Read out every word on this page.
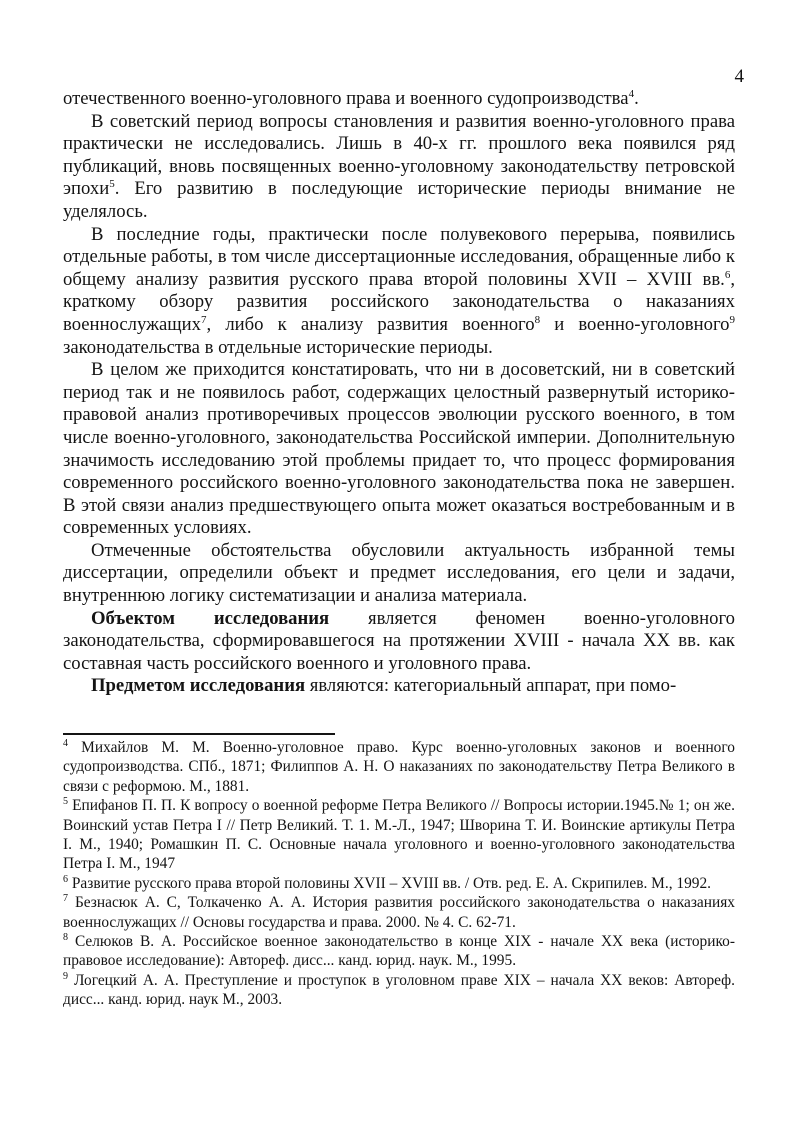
4

отечественного военно-уголовного права и военного судопроизводства$^4$.

В советский период вопросы становления и развития военно-уголовного права практически не исследовались. Лишь в 40-х гг. прошлого века появился ряд публикаций, вновь посвященных военно-уголовному законодательству петровской эпохи$^5$. Его развитию в последующие исторические периоды внимание не уделялось.

В последние годы, практически после полувекового перерыва, появились отдельные работы, в том числе диссертационные исследования, обращенные либо к общему анализу развития русского права второй половины XVII – XVIII вв.$^6$, краткому обзору развития российского законодательства о наказаниях военнослужащих$^7$, либо к анализу развития военного$^8$ и военно-уголовного$^9$ законодательства в отдельные исторические периоды.

В целом же приходится констатировать, что ни в досоветский, ни в советский период так и не появилось работ, содержащих целостный развернутый историко-правовой анализ противоречивых процессов эволюции русского военного, в том числе военно-уголовного, законодательства Российской империи. Дополнительную значимость исследованию этой проблемы придает то, что процесс формирования современного российского военно-уголовного законодательства пока не завершен. В этой связи анализ предшествующего опыта может оказаться востребованным и в современных условиях.

Отмеченные обстоятельства обусловили актуальность избранной темы диссертации, определили объект и предмет исследования, его цели и задачи, внутреннюю логику систематизации и анализа материала.

Объектом исследования является феномен военно-уголовного законодательства, сформировавшегося на протяжении XVIII - начала XX вв. как составная часть российского военного и уголовного права.

Предметом исследования являются: категориальный аппарат, при помо-

$^4$ Михайлов М. М. Военно-уголовное право. Курс военно-уголовных законов и военного судопроизводства. СПб., 1871; Филиппов А. Н. О наказаниях по законодательству Петра Великого в связи с реформою. М., 1881.
$^5$ Епифанов П. П. К вопросу о военной реформе Петра Великого // Вопросы истории.1945.№ 1; он же. Воинский устав Петра I // Петр Великий. Т. 1. М.-Л., 1947; Шворина Т. И. Воинские артикулы Петра I. М., 1940; Ромашкин П. С. Основные начала уголовного и военно-уголовного законодательства Петра I. М., 1947
$^6$ Развитие русского права второй половины XVII – XVIII вв. / Отв. ред. Е. А. Скрипилев. М., 1992.
$^7$ Безнасюк А. С, Толкаченко А. А. История развития российского законодательства о наказаниях военнослужащих // Основы государства и права. 2000. № 4. С. 62-71.
$^8$ Селюков В. А. Российское военное законодательство в конце XIX - начале XX века (историко-правовое исследование): Автореф. дисс... канд. юрид. наук. М., 1995.
$^9$ Логецкий А. А. Преступление и проступок в уголовном праве XIX – начала XX веков: Автореф. дисс... канд. юрид. наук М., 2003.
